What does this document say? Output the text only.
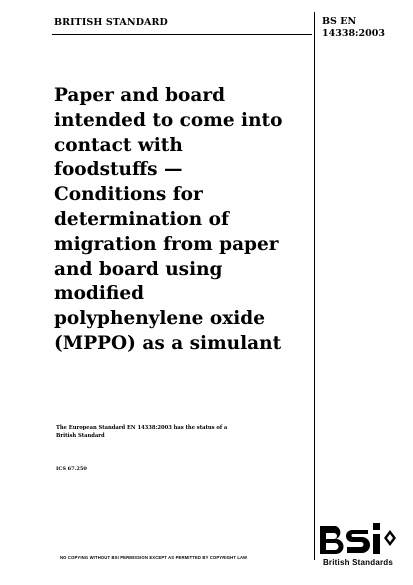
BRITISH STANDARD	BS EN
14338:2003
Paper and board
intended to come into
contact with
foodstuffs —
Conditions for
determination of
migration from paper
and board using
modified
polyphenylene oxide
(MPPO) as a simulant
The European Standard EN 14338:2003 has the status of a
British Standard
ICS 67.250
NO COPYING WITHOUT BSI PERMISSION EXCEPT AS PERMITTED BY COPYRIGHT LAW
British Standards
